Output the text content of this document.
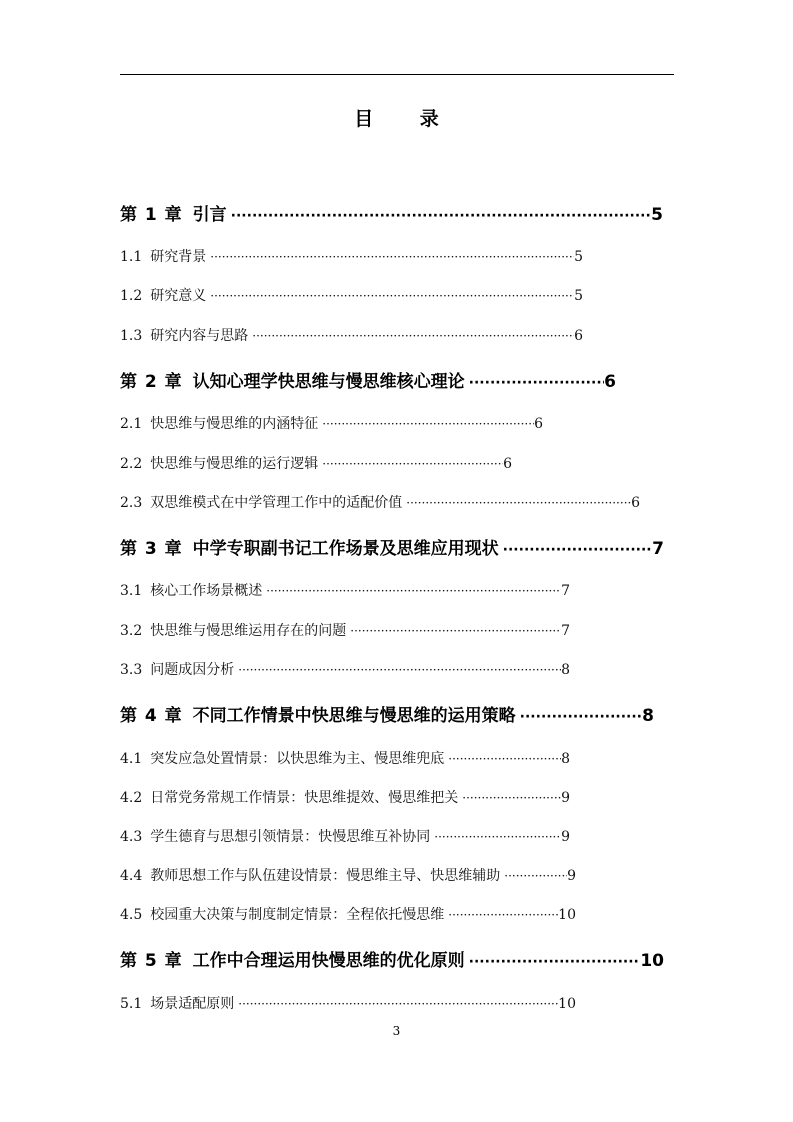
目 录
第 1 章 引言 ·····	5
1.1 研究背景 ·····	5
1.2 研究意义 ·····	5
1.3 研究内容与思路 ·····	6
第 2 章 认知心理学快思维与慢思维核心理论 ·····	6
2.1 快思维与慢思维的内涵特征 ·····	6
2.2 快思维与慢思维的运行逻辑 ·····	6
2.3 双思维模式在中学管理工作中的适配价值 ·····	6
第 3 章 中学专职副书记工作场景及思维应用现状 ·····	7
3.1 核心工作场景概述 ·····	7
3.2 快思维与慢思维运用存在的问题 ·····	7
3.3 问题成因分析 ·····	8
第 4 章 不同工作情景中快思维与慢思维的运用策略 ·····	8
4.1 突发应急处置情景：以快思维为主、慢思维兜底 ·····	8
4.2 日常党务常规工作情景：快思维提效、慢思维把关 ·····	9
4.3 学生德育与思想引领情景：快慢思维互补协同 ·····	9
4.4 教师思想工作与队伍建设情景：慢思维主导、快思维辅助 ·····	9
4.5 校园重大决策与制度制定情景：全程依托慢思维 ·····	10
第 5 章 工作中合理运用快慢思维的优化原则 ·····	10
5.1 场景适配原则 ·····	10
3
